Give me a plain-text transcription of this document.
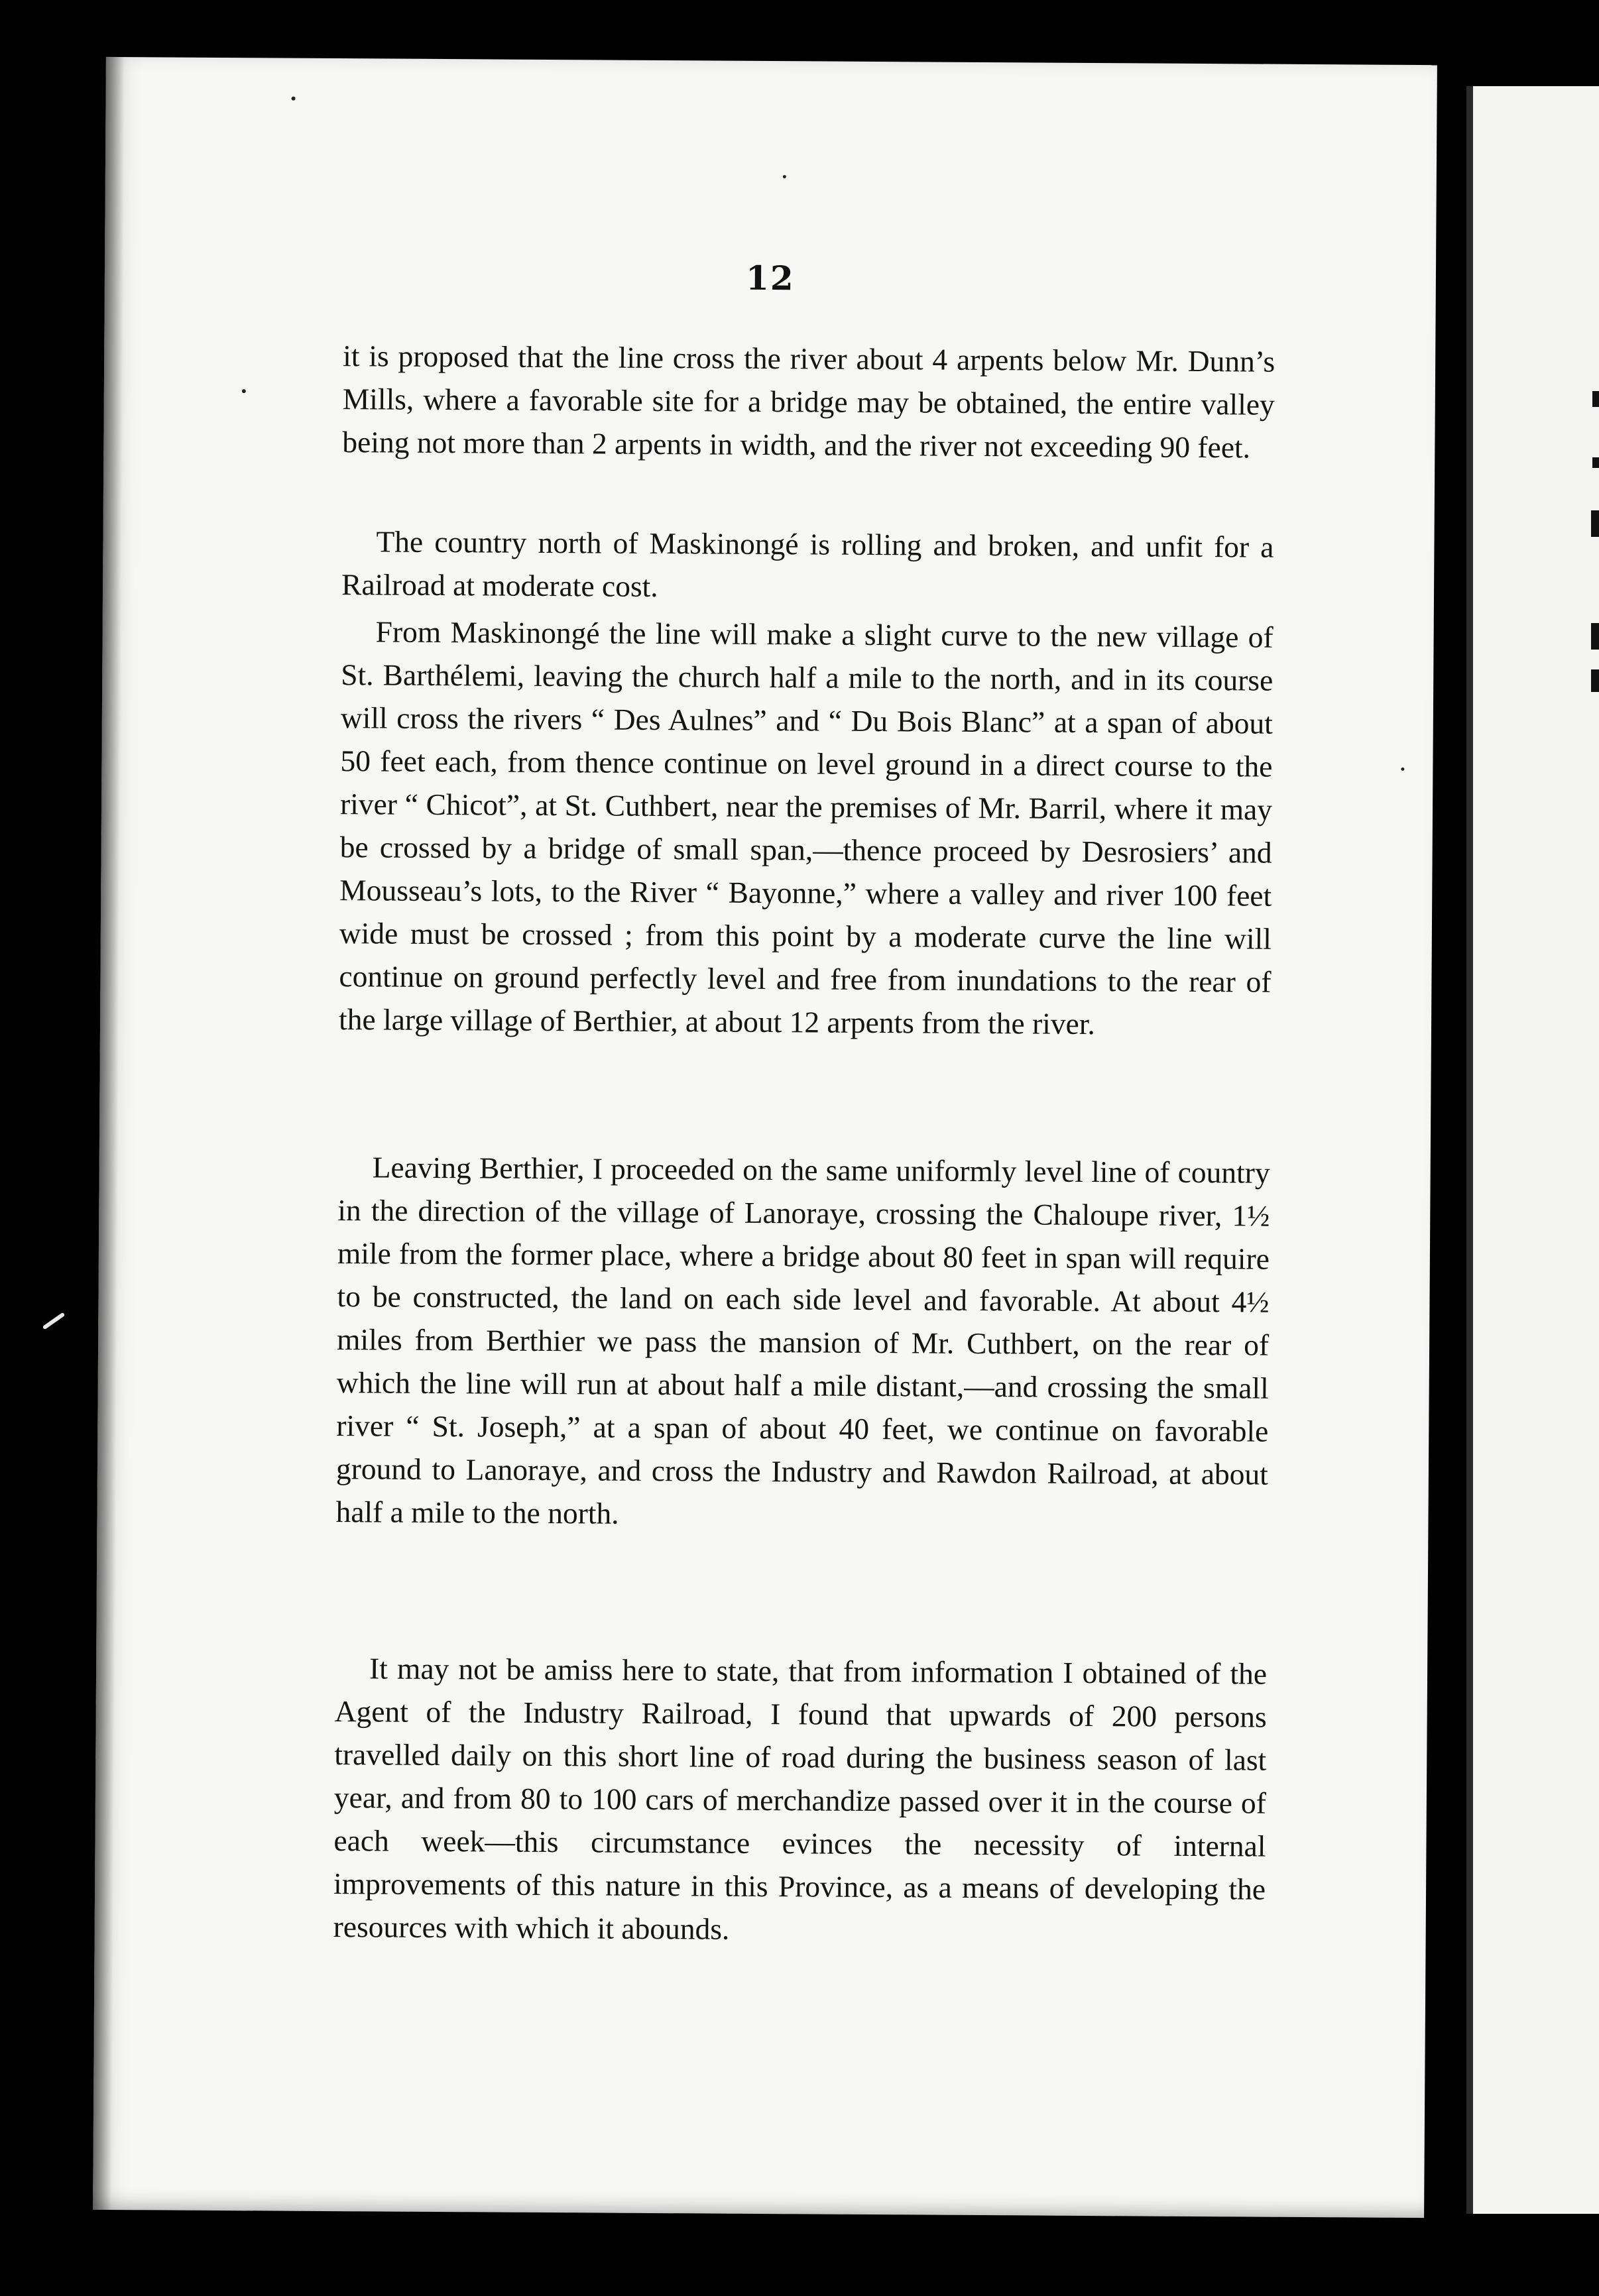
12

it is proposed that the line cross the river about 4 arpents below Mr. Dunn’s Mills, where a favorable site for a bridge may be obtained, the entire valley being not more than 2 arpents in width, and the river not exceeding 90 feet.

The country north of Maskinongé is rolling and broken, and unfit for a Railroad at moderate cost.

From Maskinongé the line will make a slight curve to the new village of St. Barthélemi, leaving the church half a mile to the north, and in its course will cross the rivers “ Des Aulnes” and “ Du Bois Blanc” at a span of about 50 feet each, from thence continue on level ground in a direct course to the river “ Chicot”, at St. Cuthbert, near the premises of Mr. Barril, where it may be crossed by a bridge of small span,—thence proceed by Desrosiers’ and Mousseau’s lots, to the River “ Bayonne,” where a valley and river 100 feet wide must be crossed ; from this point by a moderate curve the line will continue on ground perfectly level and free from inundations to the rear of the large village of Berthier, at about 12 arpents from the river.

Leaving Berthier, I proceeded on the same uniformly level line of country in the direction of the village of Lanoraye, crossing the Chaloupe river, 1½ mile from the former place, where a bridge about 80 feet in span will require to be constructed, the land on each side level and favorable. At about 4½ miles from Berthier we pass the mansion of Mr. Cuthbert, on the rear of which the line will run at about half a mile distant,—and crossing the small river “ St. Joseph,” at a span of about 40 feet, we continue on favorable ground to Lanoraye, and cross the Industry and Rawdon Railroad, at about half a mile to the north.

It may not be amiss here to state, that from information I obtained of the Agent of the Industry Railroad, I found that upwards of 200 persons travelled daily on this short line of road during the business season of last year, and from 80 to 100 cars of merchandize passed over it in the course of each week—this circumstance evinces the necessity of internal improvements of this nature in this Province, as a means of developing the resources with which it abounds.
